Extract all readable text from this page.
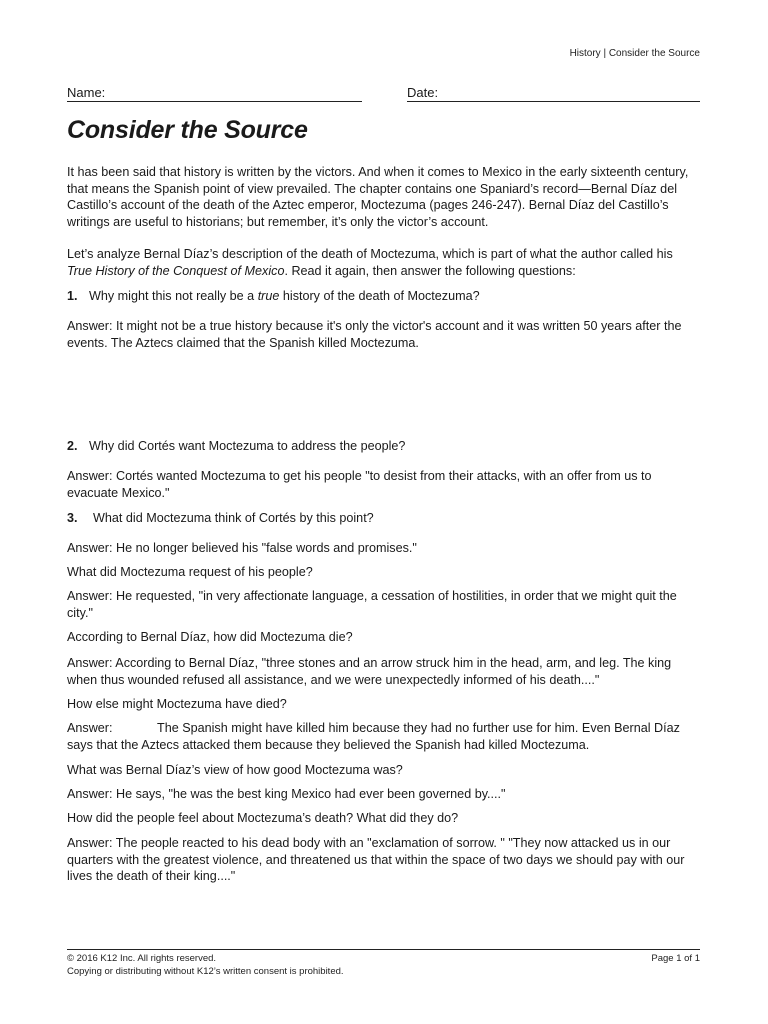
History | Consider the Source
Name:	Date:
Consider the Source
It has been said that history is written by the victors. And when it comes to Mexico in the early sixteenth century,
that means the Spanish point of view prevailed. The chapter contains one Spaniard’s record—Bernal Díaz del
Castillo’s account of the death of the Aztec emperor, Moctezuma (pages 246-247). Bernal Díaz del Castillo’s
writings are useful to historians; but remember, it’s only the victor’s account.
Let’s analyze Bernal Díaz’s description of the death of Moctezuma, which is part of what the author called his
True History of the Conquest of Mexico. Read it again, then answer the following questions:
1. Why might this not really be a true history of the death of Moctezuma?
Answer: It might not be a true history because it's only the victor's account and it was written 50 years after the
events. The Aztecs claimed that the Spanish killed Moctezuma.
2. Why did Cortés want Moctezuma to address the people?
Answer: Cortés wanted Moctezuma to get his people "to desist from their attacks, with an offer from us to
evacuate Mexico."
3. What did Moctezuma think of Cortés by this point?
Answer: He no longer believed his "false words and promises."
What did Moctezuma request of his people?
Answer: He requested, "in very affectionate language, a cessation of hostilities, in order that we might quit the
city."
According to Bernal Díaz, how did Moctezuma die?
Answer: According to Bernal Díaz, "three stones and an arrow struck him in the head, arm, and leg. The king
when thus wounded refused all assistance, and we were unexpectedly informed of his death...."
How else might Moctezuma have died?
Answer:	The Spanish might have killed him because they had no further use for him. Even Bernal Díaz
says that the Aztecs attacked them because they believed the Spanish had killed Moctezuma.
What was Bernal Díaz’s view of how good Moctezuma was?
Answer: He says, "he was the best king Mexico had ever been governed by...."
How did the people feel about Moctezuma’s death? What did they do?
Answer: The people reacted to his dead body with an "exclamation of sorrow. " "They now attacked us in our
quarters with the greatest violence, and threatened us that within the space of two days we should pay with our
lives the death of their king...."
© 2016 K12 Inc. All rights reserved.
Copying or distributing without K12’s written consent is prohibited.
Page 1 of 1
